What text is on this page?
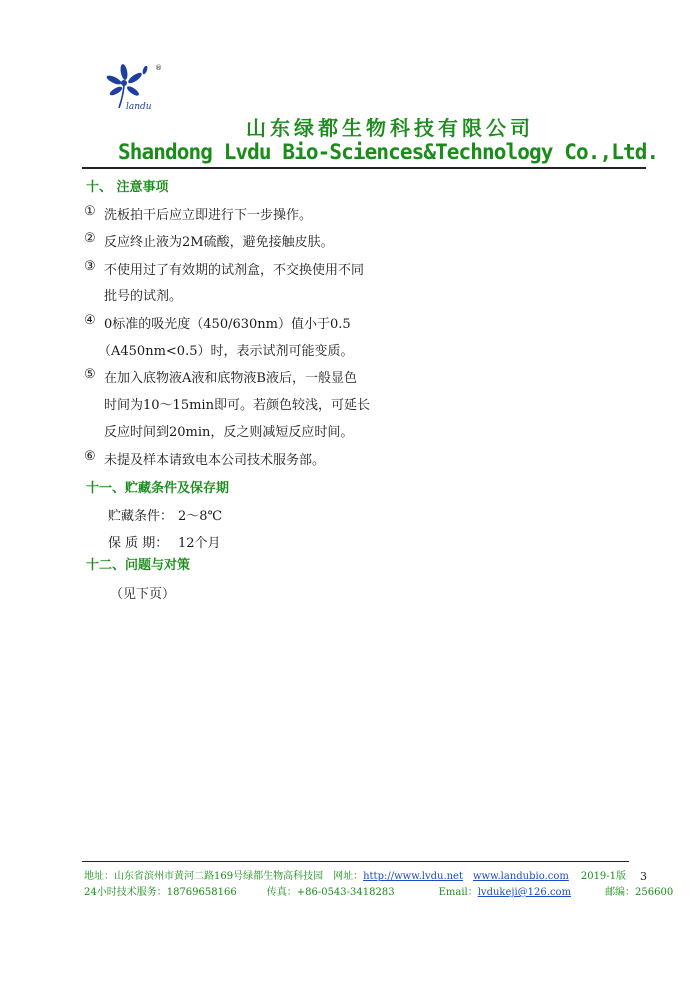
landu
®
山东绿都生物科技有限公司
Shandong Lvdu Bio-Sciences&Technology Co.,Ltd.
十、 注意事项
① 洗板拍干后应立即进行下一步操作。
② 反应终止液为2M硫酸，避免接触皮肤。
③ 不使用过了有效期的试剂盒，不交换使用不同
批号的试剂。
④ 0标准的吸光度（450/630nm）值小于0.5
（A450nm<0.5）时，表示试剂可能变质。
⑤ 在加入底物液A液和底物液B液后，一般显色
时间为10～15min即可。若颜色较浅，可延长
反应时间到20min，反之则减短反应时间。
⑥ 未提及样本请致电本公司技术服务部。
十一、贮藏条件及保存期
贮藏条件： 2～8℃
保 质 期： 12个月
十二、问题与对策
（见下页）
地址：山东省滨州市黄河二路169号绿都生物高科技园 网址：http://www.lvdu.net www.landubio.com 2019-1版
24小时技术服务：18769658166	传真：+86-0543-3418283	Email：lvdukeji@126.com	邮编：256600
3
